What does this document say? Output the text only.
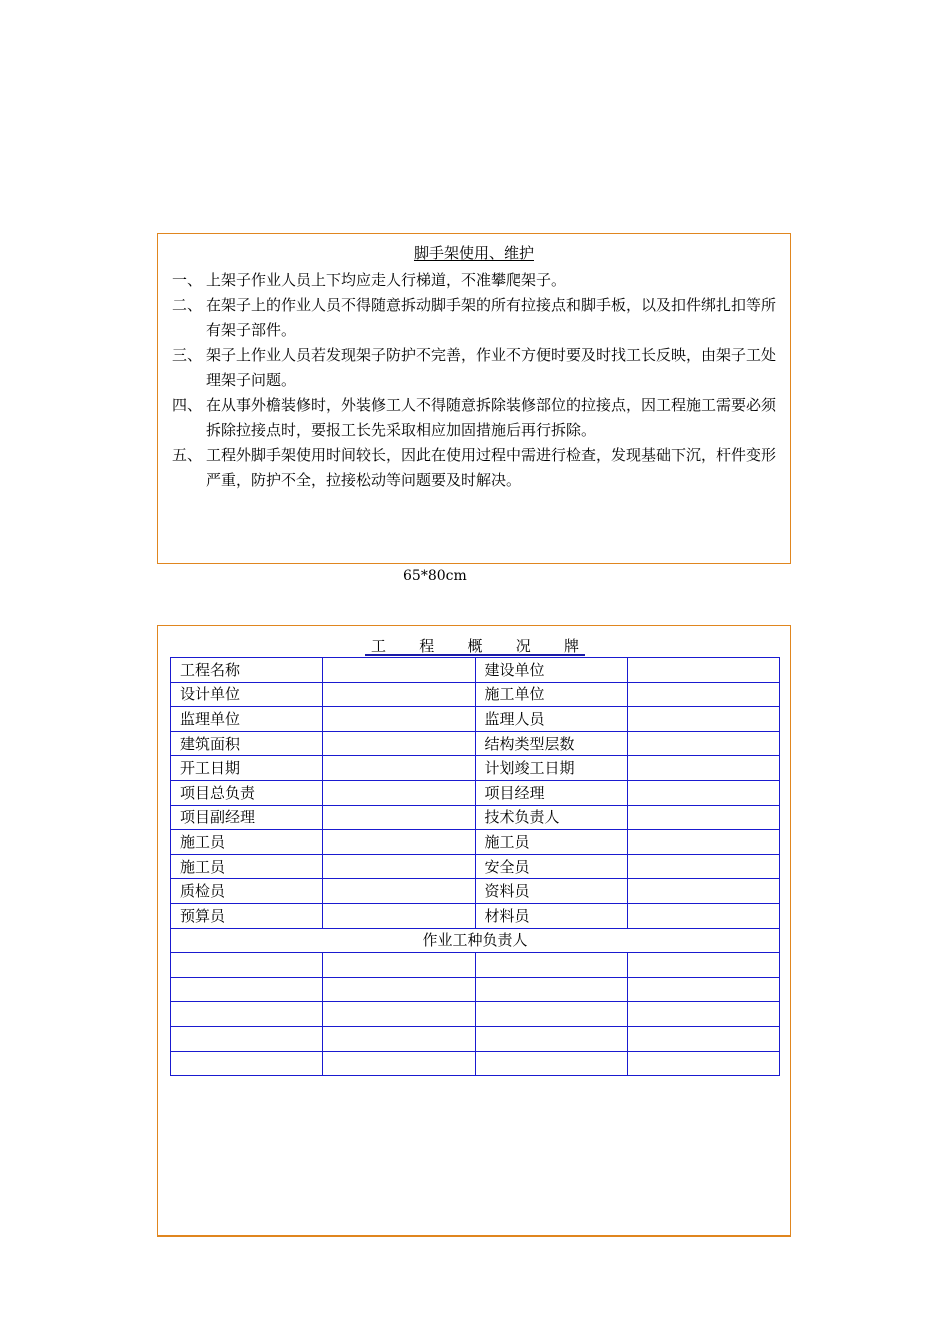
脚手架使用、维护
一、 上架子作业人员上下均应走人行梯道，不准攀爬架子。
二、 在架子上的作业人员不得随意拆动脚手架的所有拉接点和脚手板，以及扣件绑扎扣等所有架子部件。
三、 架子上作业人员若发现架子防护不完善，作业不方便时要及时找工长反映，由架子工处理架子问题。
四、 在从事外檐装修时，外装修工人不得随意拆除装修部位的拉接点，因工程施工需要必须拆除拉接点时，要报工长先采取相应加固措施后再行拆除。
五、 工程外脚手架使用时间较长，因此在使用过程中需进行检查，发现基础下沉，杆件变形严重，防护不全，拉接松动等问题要及时解决。
65*80cm
工 程 概 况 牌
工程名称		建设单位	
设计单位		施工单位	
监理单位		监理人员	
建筑面积		结构类型层数	
开工日期		计划竣工日期	
项目总负责		项目经理	
项目副经理		技术负责人	
施工员		施工员	
施工员		安全员	
质检员		资料员	
预算员		材料员	
作业工种负责人			
